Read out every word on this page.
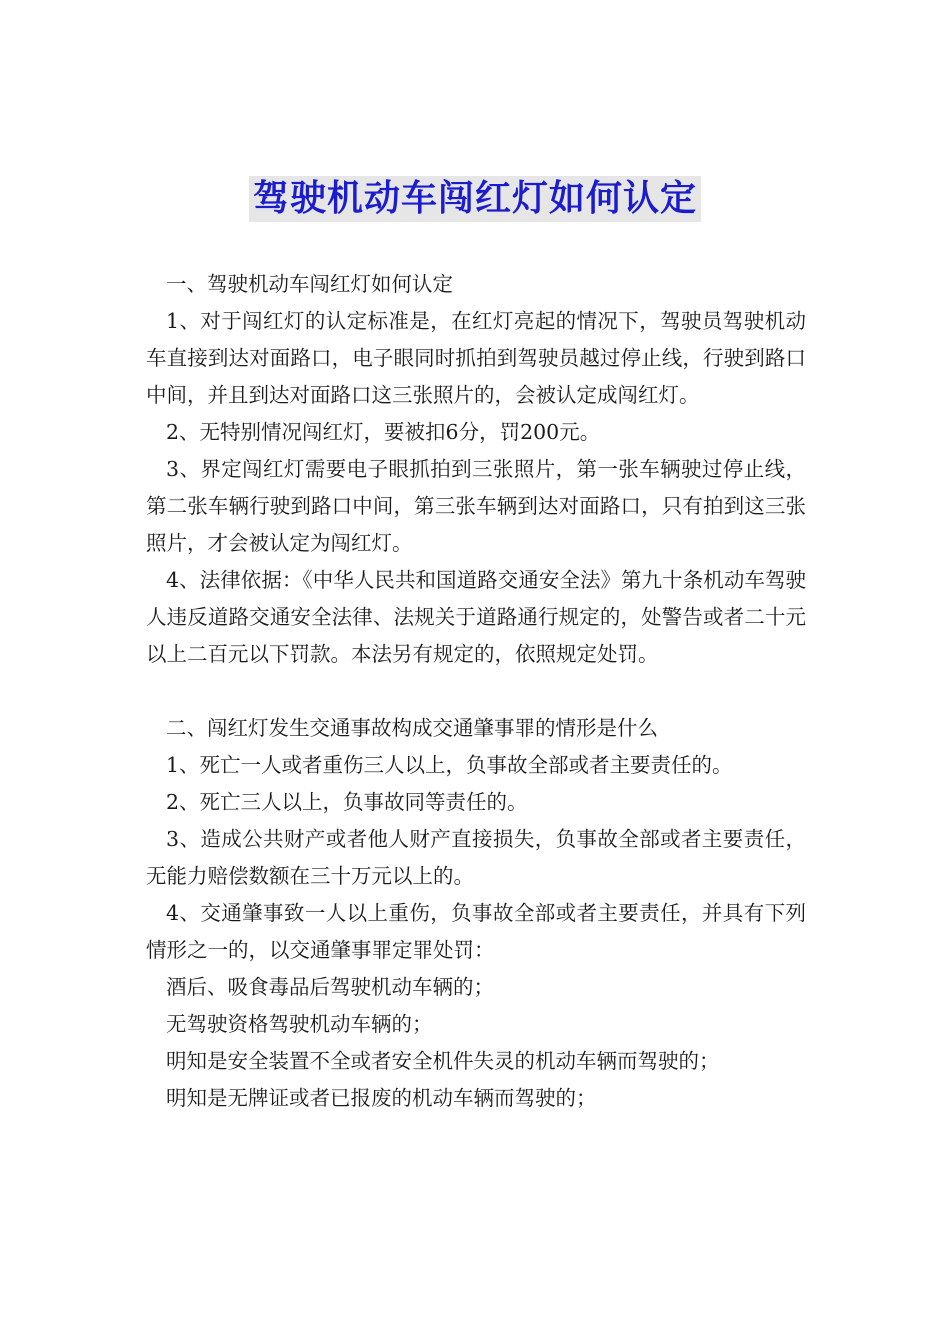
驾驶机动车闯红灯如何认定

一、驾驶机动车闯红灯如何认定

1、对于闯红灯的认定标准是，在红灯亮起的情况下，驾驶员驾驶机动车直接到达对面路口，电子眼同时抓拍到驾驶员越过停止线，行驶到路口中间，并且到达对面路口这三张照片的，会被认定成闯红灯。

2、无特别情况闯红灯，要被扣6分，罚200元。

3、界定闯红灯需要电子眼抓拍到三张照片，第一张车辆驶过停止线，第二张车辆行驶到路口中间，第三张车辆到达对面路口，只有拍到这三张照片，才会被认定为闯红灯。

4、法律依据：《中华人民共和国道路交通安全法》第九十条机动车驾驶人违反道路交通安全法律、法规关于道路通行规定的，处警告或者二十元以上二百元以下罚款。本法另有规定的，依照规定处罚。

二、闯红灯发生交通事故构成交通肇事罪的情形是什么

1、死亡一人或者重伤三人以上，负事故全部或者主要责任的。

2、死亡三人以上，负事故同等责任的。

3、造成公共财产或者他人财产直接损失，负事故全部或者主要责任，无能力赔偿数额在三十万元以上的。

4、交通肇事致一人以上重伤，负事故全部或者主要责任，并具有下列情形之一的，以交通肇事罪定罪处罚：

酒后、吸食毒品后驾驶机动车辆的；

无驾驶资格驾驶机动车辆的；

明知是安全装置不全或者安全机件失灵的机动车辆而驾驶的；

明知是无牌证或者已报废的机动车辆而驾驶的；
